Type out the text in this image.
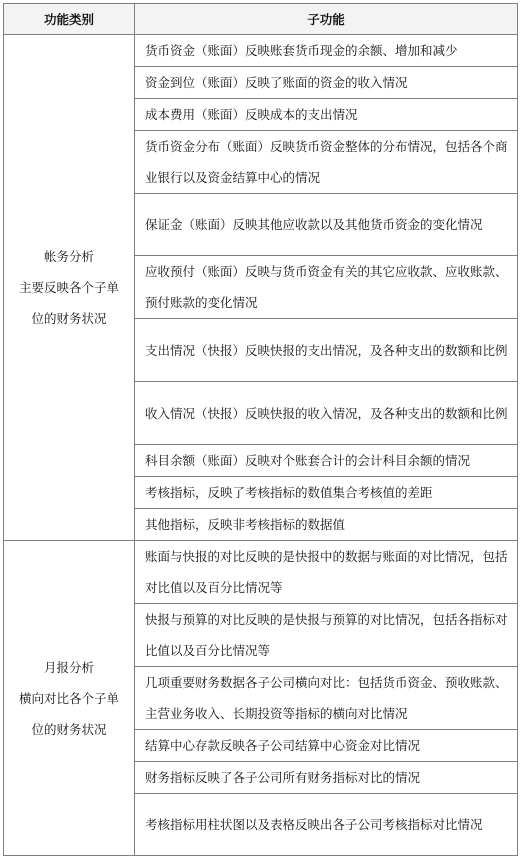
功能类别	子功能

帐务分析
主要反映各个子单
位的财务状况	货币资金（账面）反映账套货币现金的余额、增加和减少
	资金到位（账面）反映了账面的资金的收入情况
	成本费用（账面）反映成本的支出情况
	货币资金分布（账面）反映货币资金整体的分布情况，包括各个商业银行以及资金结算中心的情况
	保证金（账面）反映其他应收款以及其他货币资金的变化情况
	应收预付（账面）反映与货币资金有关的其它应收款、应收账款、预付账款的变化情况
	支出情况（快报）反映快报的支出情况，及各种支出的数额和比例
	收入情况（快报）反映快报的收入情况，及各种支出的数额和比例
	科目余额（账面）反映对个账套合计的会计科目余额的情况
	考核指标，反映了考核指标的数值集合考核值的差距
	其他指标，反映非考核指标的数据值

月报分析
横向对比各个子单
位的财务状况	账面与快报的对比反映的是快报中的数据与账面的对比情况，包括对比值以及百分比情况等
	快报与预算的对比反映的是快报与预算的对比情况，包括各指标对比值以及百分比情况等
	几项重要财务数据各子公司横向对比：包括货币资金、预收账款、主营业务收入、长期投资等指标的横向对比情况
	结算中心存款反映各子公司结算中心资金对比情况
	财务指标反映了各子公司所有财务指标对比的情况
	考核指标用柱状图以及表格反映出各子公司考核指标对比情况
